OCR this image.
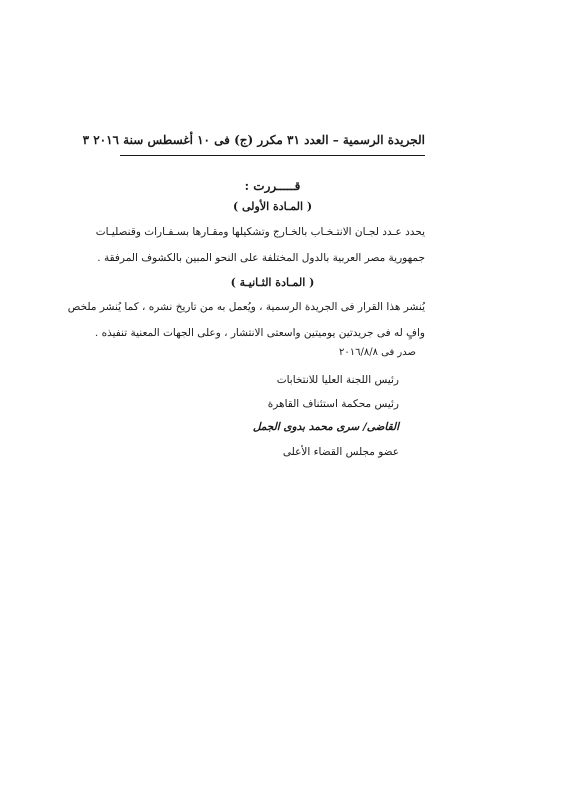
الجريدة الرسمية – العدد ٣١ مكرر (ج) فى ١٠ أغسطس سنة ٢٠١٦ ٣
قـــــررت :
( المـادة الأولى )
يحدد عـدد لجـان الانتـخـاب بالخـارج وتشكيلها ومقـارها بسـفـارات وقنصليـات
جمهورية مصر العربية بالدول المختلفة على النحو المبين بالكشوف المرفقة .
( المـادة الثـانيـة )
يُنشر هذا القرار فى الجريدة الرسمية ، ويُعمل به من تاريخ نشره ، كما يُنشر ملخص
وافٍ له فى جريدتين يوميتين واسعتى الانتشار ، وعلى الجهات المعنية تنفيذه .
صدر فى ٢٠١٦/٨/٨
رئيس اللجنة العليا للانتخابات
رئيس محكمة استئناف القاهرة
القاضى/ سرى محمد بدوى الجمل
عضو مجلس القضاء الأعلى
